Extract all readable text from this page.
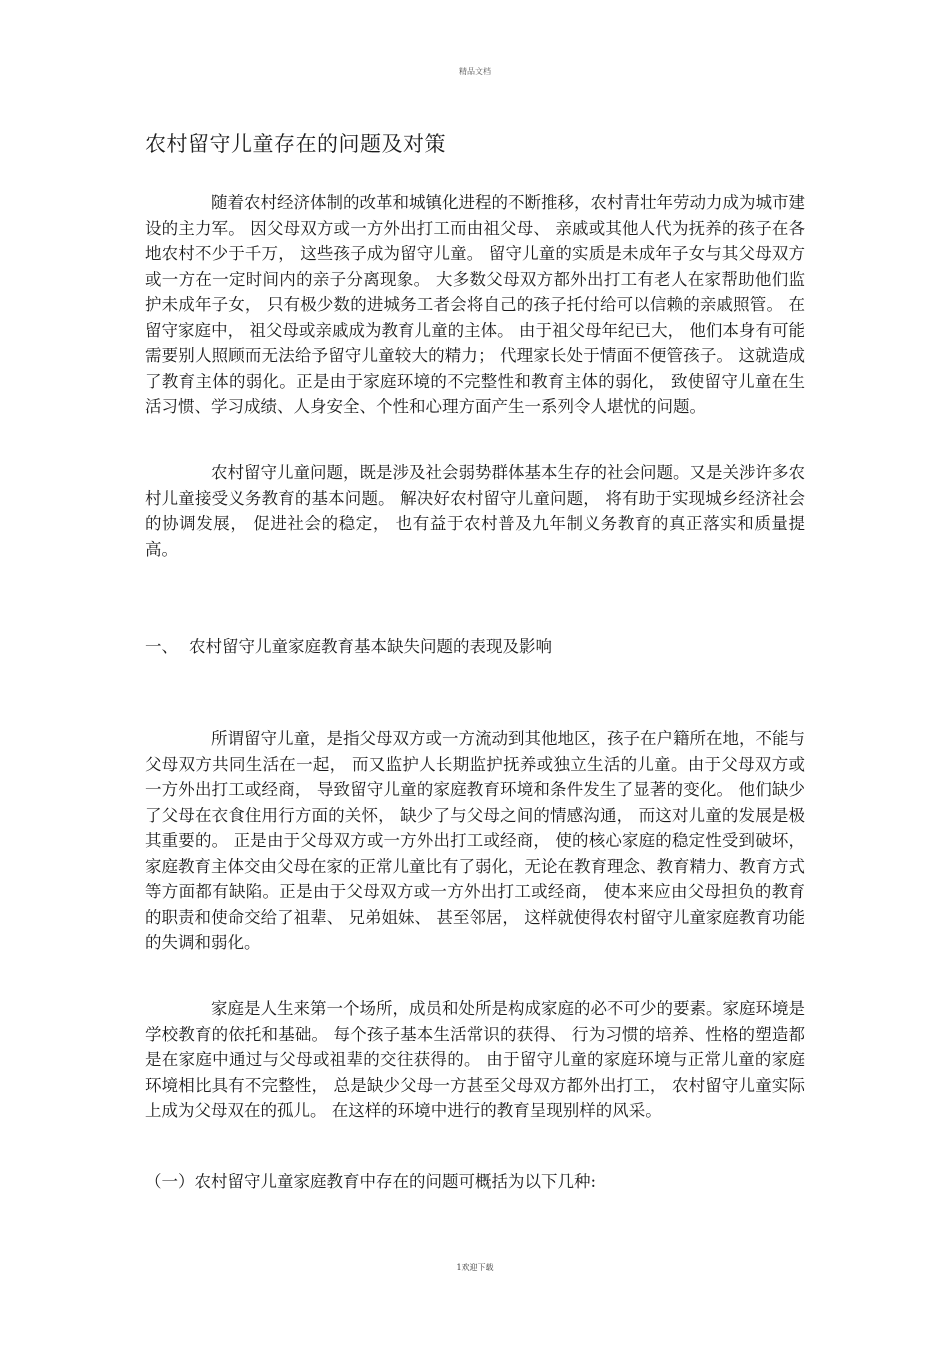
精品文档
农村留守儿童存在的问题及对策

随着农村经济体制的改革和城镇化进程的不断推移，农村青壮年劳动力成为城市建设的主力军。 因父母双方或一方外出打工而由祖父母、 亲戚或其他人代为抚养的孩子在各地农村不少于千万， 这些孩子成为留守儿童。 留守儿童的实质是未成年子女与其父母双方或一方在一定时间内的亲子分离现象。 大多数父母双方都外出打工有老人在家帮助他们监护未成年子女， 只有极少数的进城务工者会将自己的孩子托付给可以信赖的亲戚照管。 在留守家庭中， 祖父母或亲戚成为教育儿童的主体。 由于祖父母年纪已大， 他们本身有可能需要别人照顾而无法给予留守儿童较大的精力； 代理家长处于情面不便管孩子。 这就造成了教育主体的弱化。正是由于家庭环境的不完整性和教育主体的弱化， 致使留守儿童在生活习惯、学习成绩、人身安全、个性和心理方面产生一系列令人堪忧的问题。

农村留守儿童问题，既是涉及社会弱势群体基本生存的社会问题。又是关涉许多农村儿童接受义务教育的基本问题。 解决好农村留守儿童问题， 将有助于实现城乡经济社会的协调发展， 促进社会的稳定， 也有益于农村普及九年制义务教育的真正落实和质量提高。

一、 农村留守儿童家庭教育基本缺失问题的表现及影响

所谓留守儿童，是指父母双方或一方流动到其他地区，孩子在户籍所在地，不能与父母双方共同生活在一起， 而又监护人长期监护抚养或独立生活的儿童。由于父母双方或一方外出打工或经商， 导致留守儿童的家庭教育环境和条件发生了显著的变化。 他们缺少了父母在衣食住用行方面的关怀， 缺少了与父母之间的情感沟通， 而这对儿童的发展是极其重要的。 正是由于父母双方或一方外出打工或经商， 使的核心家庭的稳定性受到破坏， 家庭教育主体交由父母在家的正常儿童比有了弱化，无论在教育理念、教育精力、教育方式等方面都有缺陷。正是由于父母双方或一方外出打工或经商， 使本来应由父母担负的教育的职责和使命交给了祖辈、 兄弟姐妹、 甚至邻居， 这样就使得农村留守儿童家庭教育功能的失调和弱化。

家庭是人生来第一个场所，成员和处所是构成家庭的必不可少的要素。家庭环境是学校教育的依托和基础。 每个孩子基本生活常识的获得、 行为习惯的培养、性格的塑造都是在家庭中通过与父母或祖辈的交往获得的。 由于留守儿童的家庭环境与正常儿童的家庭环境相比具有不完整性， 总是缺少父母一方甚至父母双方都外出打工， 农村留守儿童实际上成为父母双在的孤儿。 在这样的环境中进行的教育呈现别样的风采。

（一）农村留守儿童家庭教育中存在的问题可概括为以下几种:
1欢迎下载
